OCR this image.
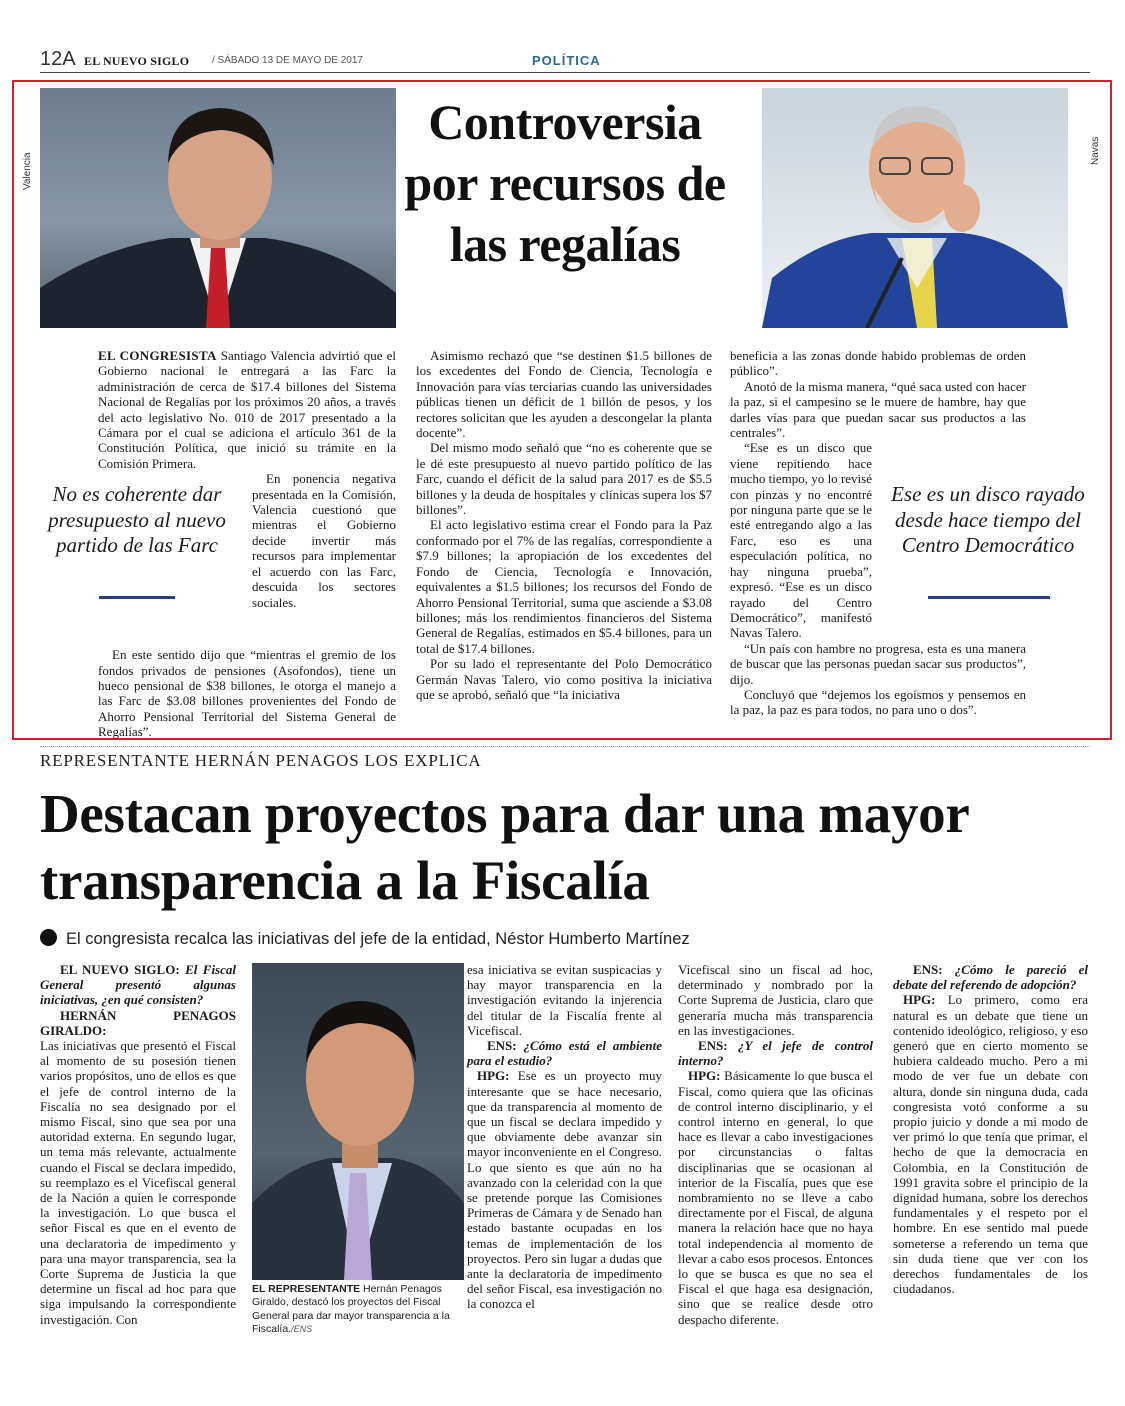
12A EL NUEVO SIGLO / SÁBADO 13 DE MAYO DE 2017	POLÍTICA
Valencia
Navas
Controversia por recursos de las regalías

EL CONGRESISTA Santiago Valencia advirtió que el Gobierno nacional le entregará a las Farc la administración de cerca de $17.4 billones del Sistema Nacional de Regalías por los próximos 20 años, a través del acto legislativo No. 010 de 2017 presentado a la Cámara por el cual se adiciona el artículo 361 de la Constitución Política, que inició su trámite en la Comisión Primera.

En ponencia negativa presentada en la Comisión, Valencia cuestionó que mientras el Gobierno decide invertir más recursos para implementar el acuerdo con las Farc, descuida los sectores sociales.

En este sentido dijo que “mientras el gremio de los fondos privados de pensiones (Asofondos), tiene un hueco pensional de $38 billones, le otorga el manejo a las Farc de $3.08 billones provenientes del Fondo de Ahorro Pensional Territorial del Sistema General de Regalías”.

Asimismo rechazó que “se destinen $1.5 billones de los excedentes del Fondo de Ciencia, Tecnología e Innovación para vías terciarias cuando las universidades públicas tienen un déficit de 1 billón de pesos, y los rectores solicitan que les ayuden a descongelar la planta docente”.

Del mismo modo señaló que “no es coherente que se le dé este presupuesto al nuevo partido político de las Farc, cuando el déficit de la salud para 2017 es de $5.5 billones y la deuda de hospitales y clínicas supera los $7 billones”.

El acto legislativo estima crear el Fondo para la Paz conformado por el 7% de las regalías, correspondiente a $7.9 billones; la apropiación de los excedentes del Fondo de Ciencia, Tecnología e Innovación, equivalentes a $1.5 billones; los recursos del Fondo de Ahorro Pensional Territorial, suma que asciende a $3.08 billones; más los rendimientos financieros del Sistema General de Regalías, estimados en $5.4 billones, para un total de $17.4 billones.

Por su lado el representante del Polo Democrático Germán Navas Talero, vio como positiva la iniciativa que se aprobó, señaló que “la iniciativa

beneficia a las zonas donde habido problemas de orden público”.

Anotó de la misma manera, “qué saca usted con hacer la paz, si el campesino se le muere de hambre, hay que darles vías para que puedan sacar sus productos a las centrales”.

“Ese es un disco que viene repitiendo hace mucho tiempo, yo lo revisé con pinzas y no encontré por ninguna parte que se le esté entregando algo a las Farc, eso es una especulación política, no hay ninguna prueba”, expresó. “Ese es un disco rayado del Centro Democrático”, manifestó Navas Talero.

“Un país con hambre no progresa, esta es una manera de buscar que las personas puedan sacar sus productos”, dijo.

Concluyó que “dejemos los egoísmos y pensemos en la paz, la paz es para todos, no para uno o dos”.

No es coherente dar presupuesto al nuevo partido de las Farc
Ese es un disco rayado desde hace tiempo del Centro Democrático
REPRESENTANTE HERNÁN PENAGOS LOS EXPLICA
Destacan proyectos para dar una mayor transparencia a la Fiscalía
El congresista recalca las iniciativas del jefe de la entidad, Néstor Humberto Martínez

EL NUEVO SIGLO: El Fiscal General presentó algunas iniciativas, ¿en qué consisten?

HERNÁN PENAGOS GIRALDO:

Las iniciativas que presentó el Fiscal al momento de su posesión tienen varios propósitos, uno de ellos es que el jefe de control interno de la Fiscalía no sea designado por el mismo Fiscal, sino que sea por una autoridad externa. En segundo lugar, un tema más relevante, actualmente cuando el Fiscal se declara impedido, su reemplazo es el Vicefiscal general de la Nación a quien le corresponde la investigación. Lo que busca el señor Fiscal es que en el evento de una declaratoria de impedimento y para una mayor transparencia, sea la Corte Suprema de Justicia la que determine un fiscal ad hoc para que siga impulsando la correspondiente investigación. Con

EL REPRESENTANTE Hernán Penagos Giraldo, destacó los proyectos del Fiscal General para dar mayor transparencia a la Fiscalía./ENS

esa iniciativa se evitan suspicacias y hay mayor transparencia en la investigación evitando la injerencia del titular de la Fiscalía frente al Vicefiscal.

ENS: ¿Cómo está el ambiente para el estudio?

HPG: Ese es un proyecto muy interesante que se hace necesario, que da transparencia al momento de que un fiscal se declara impedido y que obviamente debe avanzar sin mayor inconveniente en el Congreso. Lo que siento es que aún no ha avanzado con la celeridad con la que se pretende porque las Comisiones Primeras de Cámara y de Senado han estado bastante ocupadas en los temas de implementación de los proyectos. Pero sin lugar a dudas que ante la declaratoria de impedimento del señor Fiscal, esa investigación no la conozca el

Vicefiscal sino un fiscal ad hoc, determinado y nombrado por la Corte Suprema de Justicia, claro que generaría mucha más transparencia en las investigaciones.

ENS: ¿Y el jefe de control interno?

HPG: Básicamente lo que busca el Fiscal, como quiera que las oficinas de control interno disciplinario, y el control interno en general, lo que hace es llevar a cabo investigaciones por circunstancias o faltas disciplinarias que se ocasionan al interior de la Fiscalía, pues que ese nombramiento no se lleve a cabo directamente por el Fiscal, de alguna manera la relación hace que no haya total independencia al momento de llevar a cabo esos procesos. Entonces lo que se busca es que no sea el Fiscal el que haga esa designación, sino que se realice desde otro despacho diferente.

ENS: ¿Cómo le pareció el debate del referendo de adopción?

HPG: Lo primero, como era natural es un debate que tiene un contenido ideológico, religioso, y eso generó que en cierto momento se hubiera caldeado mucho. Pero a mi modo de ver fue un debate con altura, donde sin ninguna duda, cada congresista votó conforme a su propio juicio y donde a mi modo de ver primó lo que tenía que primar, el hecho de que la democracia en Colombia, en la Constitución de 1991 gravita sobre el principio de la dignidad humana, sobre los derechos fundamentales y el respeto por el hombre. En ese sentido mal puede someterse a referendo un tema que sin duda tiene que ver con los derechos fundamentales de los ciudadanos.
